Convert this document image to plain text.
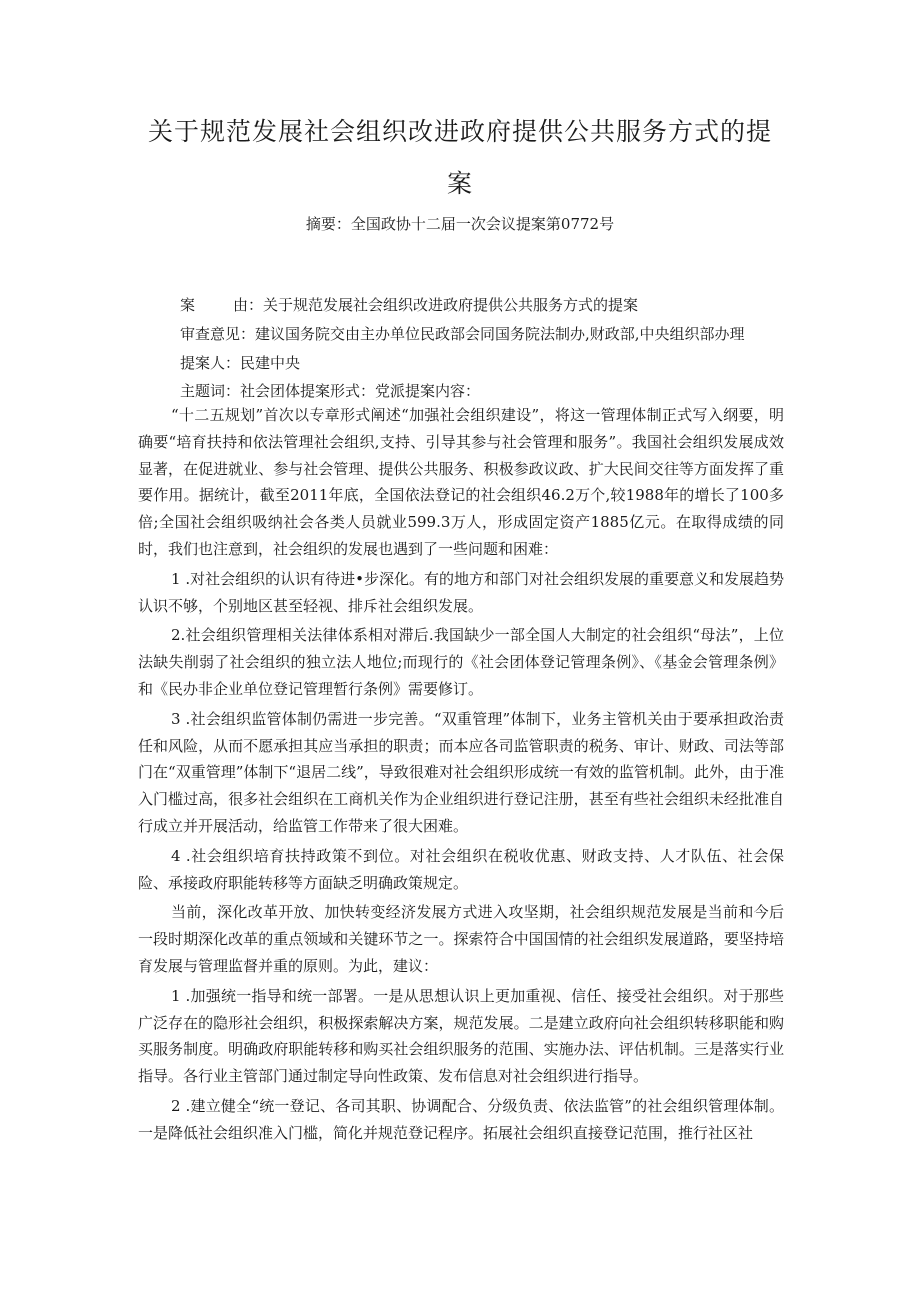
关于规范发展社会组织改进政府提供公共服务方式的提
案
摘要：全国政协十二届一次会议提案第0772号
案	由：关于规范发展社会组织改进政府提供公共服务方式的提案
审查意见：建议国务院交由主办单位民政部会同国务院法制办,财政部,中央组织部办理
提案人：民建中央
主题词：社会团体提案形式：党派提案内容：

“十二五规划”首次以专章形式阐述“加强社会组织建设”，将这一管理体制正式写入纲要，明确要“培育扶持和依法管理社会组织,支持、引导其参与社会管理和服务”。我国社会组织发展成效显著，在促进就业、参与社会管理、提供公共服务、积极参政议政、扩大民间交往等方面发挥了重要作用。据统计，截至2011年底，全国依法登记的社会组织46.2万个,较1988年的增长了100多倍;全国社会组织吸纳社会各类人员就业599.3万人，形成固定资产1885亿元。在取得成绩的同时，我们也注意到，社会组织的发展也遇到了一些问题和困难：

1 .对社会组织的认识有待进•步深化。有的地方和部门对社会组织发展的重要意义和发展趋势认识不够，个别地区甚至轻视、排斥社会组织发展。

2.社会组织管理相关法律体系相对滞后.我国缺少一部全国人大制定的社会组织“母法”，上位法缺失削弱了社会组织的独立法人地位;而现行的《社会团体登记管理条例》、《基金会管理条例》和《民办非企业单位登记管理暂行条例》需要修订。

3 .社会组织监管体制仍需进一步完善。“双重管理”体制下，业务主管机关由于要承担政治责任和风险，从而不愿承担其应当承担的职责；而本应各司监管职责的税务、审计、财政、司法等部门在“双重管理”体制下“退居二线”，导致很难对社会组织形成统一有效的监管机制。此外，由于准入门槛过高，很多社会组织在工商机关作为企业组织进行登记注册，甚至有些社会组织未经批准自行成立并开展活动，给监管工作带来了很大困难。

4 .社会组织培育扶持政策不到位。对社会组织在税收优惠、财政支持、人才队伍、社会保险、承接政府职能转移等方面缺乏明确政策规定。

当前，深化改革开放、加快转变经济发展方式进入攻坚期，社会组织规范发展是当前和今后一段时期深化改革的重点领域和关键环节之一。探索符合中国国情的社会组织发展道路，要坚持培育发展与管理监督并重的原则。为此，建议：

1 .加强统一指导和统一部署。一是从思想认识上更加重视、信任、接受社会组织。对于那些广泛存在的隐形社会组织，积极探索解决方案，规范发展。二是建立政府向社会组织转移职能和购买服务制度。明确政府职能转移和购买社会组织服务的范围、实施办法、评估机制。三是落实行业指导。各行业主管部门通过制定导向性政策、发布信息对社会组织进行指导。

2 .建立健全“统一登记、各司其职、协调配合、分级负责、依法监管”的社会组织管理体制。一是降低社会组织准入门槛，简化并规范登记程序。拓展社会组织直接登记范围，推行社区社
